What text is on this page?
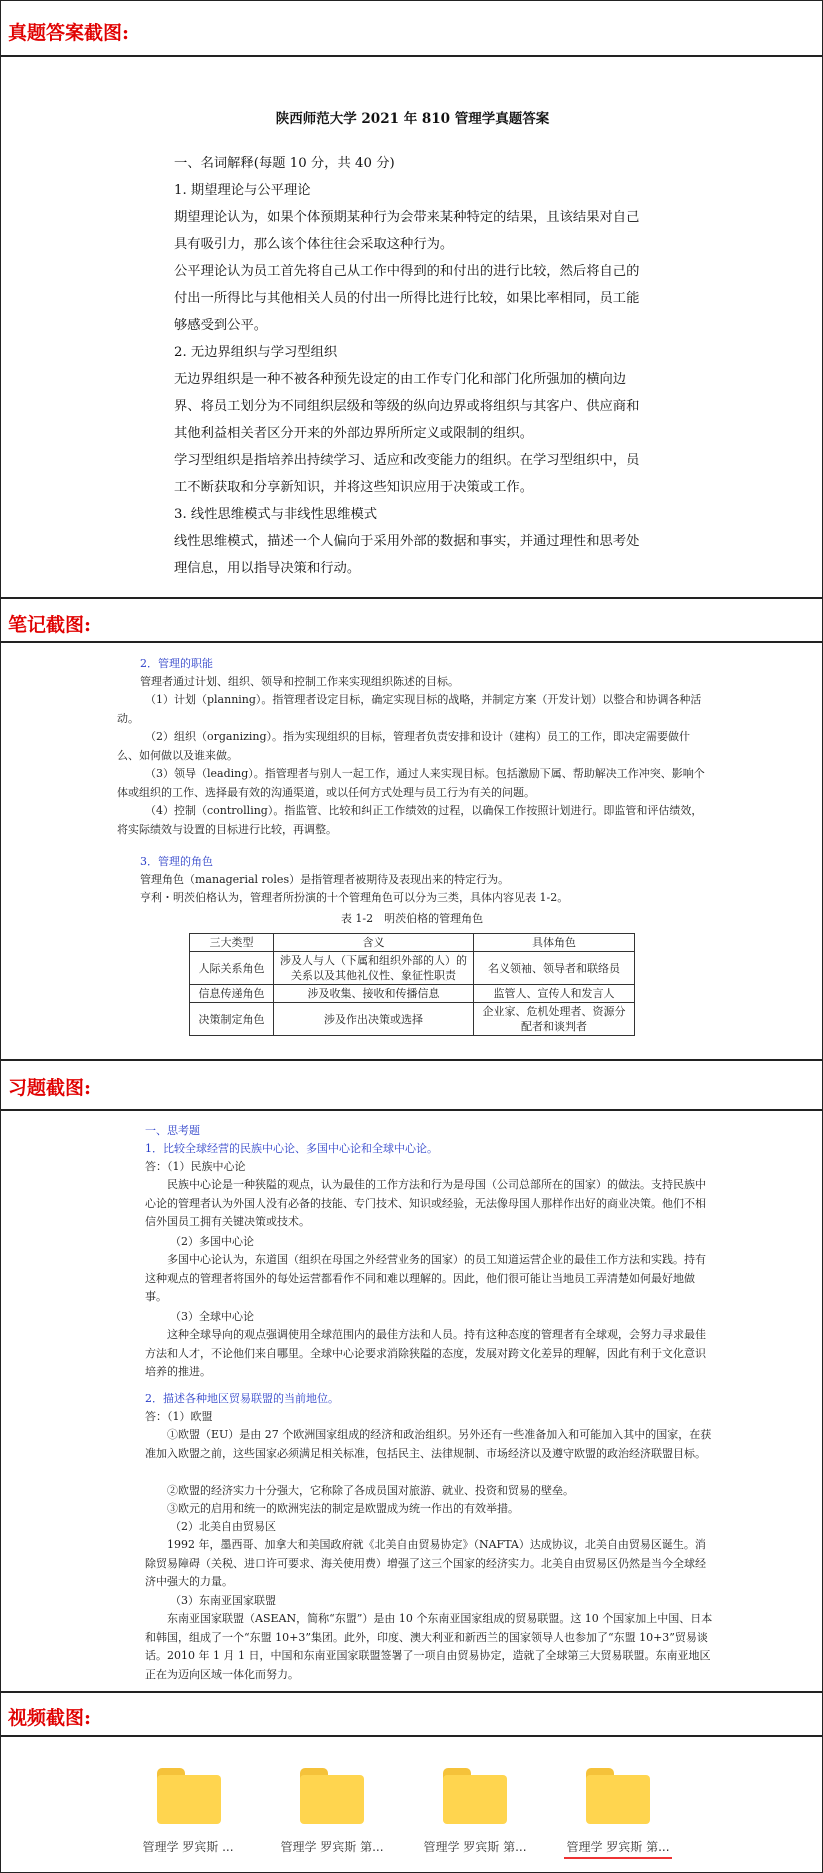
真题答案截图:
陕西师范大学 2021 年 810 管理学真题答案
一、名词解释(每题 10 分，共 40 分)
1. 期望理论与公平理论
期望理论认为，如果个体预期某种行为会带来某种特定的结果，且该结果对自己
具有吸引力，那么该个体往往会采取这种行为。
公平理论认为员工首先将自己从工作中得到的和付出的进行比较，然后将自己的
付出一所得比与其他相关人员的付出一所得比进行比较，如果比率相同，员工能
够感受到公平。
2. 无边界组织与学习型组织
无边界组织是一种不被各种预先设定的由工作专门化和部门化所强加的横向边
界、将员工划分为不同组织层级和等级的纵向边界或将组织与其客户、供应商和
其他利益相关者区分开来的外部边界所所定义或限制的组织。
学习型组织是指培养出持续学习、适应和改变能力的组织。在学习型组织中，员
工不断获取和分享新知识，并将这些知识应用于决策或工作。
3. 线性思维模式与非线性思维模式
线性思维模式，描述一个人偏向于采用外部的数据和事实，并通过理性和思考处
理信息，用以指导决策和行动。
笔记截图:
2．管理的职能
管理者通过计划、组织、领导和控制工作来实现组织陈述的目标。
（1）计划（planning）。指管理者设定目标，确定实现目标的战略，并制定方案（开发计划）以整合和协调各种活动。
（2）组织（organizing）。指为实现组织的目标，管理者负责安排和设计（建构）员工的工作，即决定需要做什么、如何做以及谁来做。
（3）领导（leading）。指管理者与别人一起工作，通过人来实现目标。包括激励下属、帮助解决工作冲突、影响个体或组织的工作、选择最有效的沟通渠道，或以任何方式处理与员工行为有关的问题。
（4）控制（controlling）。指监管、比较和纠正工作绩效的过程，以确保工作按照计划进行。即监管和评估绩效，将实际绩效与设置的目标进行比较，再调整。
3．管理的角色
管理角色（managerial roles）是指管理者被期待及表现出来的特定行为。
亨利・明茨伯格认为，管理者所扮演的十个管理角色可以分为三类，具体内容见表 1-2。
表 1-2　明茨伯格的管理角色
三大类型	含义	具体角色
人际关系角色	涉及人与人（下属和组织外部的人）的关系以及其他礼仪性、象征性职责	名义领袖、领导者和联络员
信息传递角色	涉及收集、接收和传播信息	监管人、宣传人和发言人
决策制定角色	涉及作出决策或选择	企业家、危机处理者、资源分配者和谈判者
习题截图:
一、思考题
1．比较全球经营的民族中心论、多国中心论和全球中心论。
答：（1）民族中心论
民族中心论是一种狭隘的观点，认为最佳的工作方法和行为是母国（公司总部所在的国家）的做法。支持民族中心论的管理者认为外国人没有必备的技能、专门技术、知识或经验，无法像母国人那样作出好的商业决策。他们不相信外国员工拥有关键决策或技术。
（2）多国中心论
多国中心论认为，东道国（组织在母国之外经营业务的国家）的员工知道运营企业的最佳工作方法和实践。持有这种观点的管理者将国外的每处运营都看作不同和难以理解的。因此，他们很可能让当地员工弄清楚如何最好地做事。
（3）全球中心论
这种全球导向的观点强调使用全球范围内的最佳方法和人员。持有这种态度的管理者有全球观，会努力寻求最佳方法和人才，不论他们来自哪里。全球中心论要求消除狭隘的态度，发展对跨文化差异的理解，因此有利于文化意识培养的推进。
2．描述各种地区贸易联盟的当前地位。
答：（1）欧盟
①欧盟（EU）是由 27 个欧洲国家组成的经济和政治组织。另外还有一些准备加入和可能加入其中的国家，在获准加入欧盟之前，这些国家必须满足相关标准，包括民主、法律规制、市场经济以及遵守欧盟的政治经济联盟目标。
②欧盟的经济实力十分强大，它称除了各成员国对旅游、就业、投资和贸易的壁垒。
③欧元的启用和统一的欧洲宪法的制定是欧盟成为统一作出的有效举措。
（2）北美自由贸易区
1992 年，墨西哥、加拿大和美国政府就《北美自由贸易协定》（NAFTA）达成协议，北美自由贸易区诞生。消除贸易障碍（关税、进口许可要求、海关使用费）增强了这三个国家的经济实力。北美自由贸易区仍然是当今全球经济中强大的力量。
（3）东南亚国家联盟
东南亚国家联盟（ASEAN，简称“东盟”）是由 10 个东南亚国家组成的贸易联盟。这 10 个国家加上中国、日本和韩国，组成了一个“东盟 10+3”集团。此外，印度、澳大利亚和新西兰的国家领导人也参加了“东盟 10+3”贸易谈话。2010 年 1 月 1 日，中国和东南亚国家联盟签署了一项自由贸易协定，造就了全球第三大贸易联盟。东南亚地区正在为迈向区域一体化而努力。
视频截图:
管理学 罗宾斯 ...	管理学 罗宾斯 第...	管理学 罗宾斯 第...	管理学 罗宾斯 第...
